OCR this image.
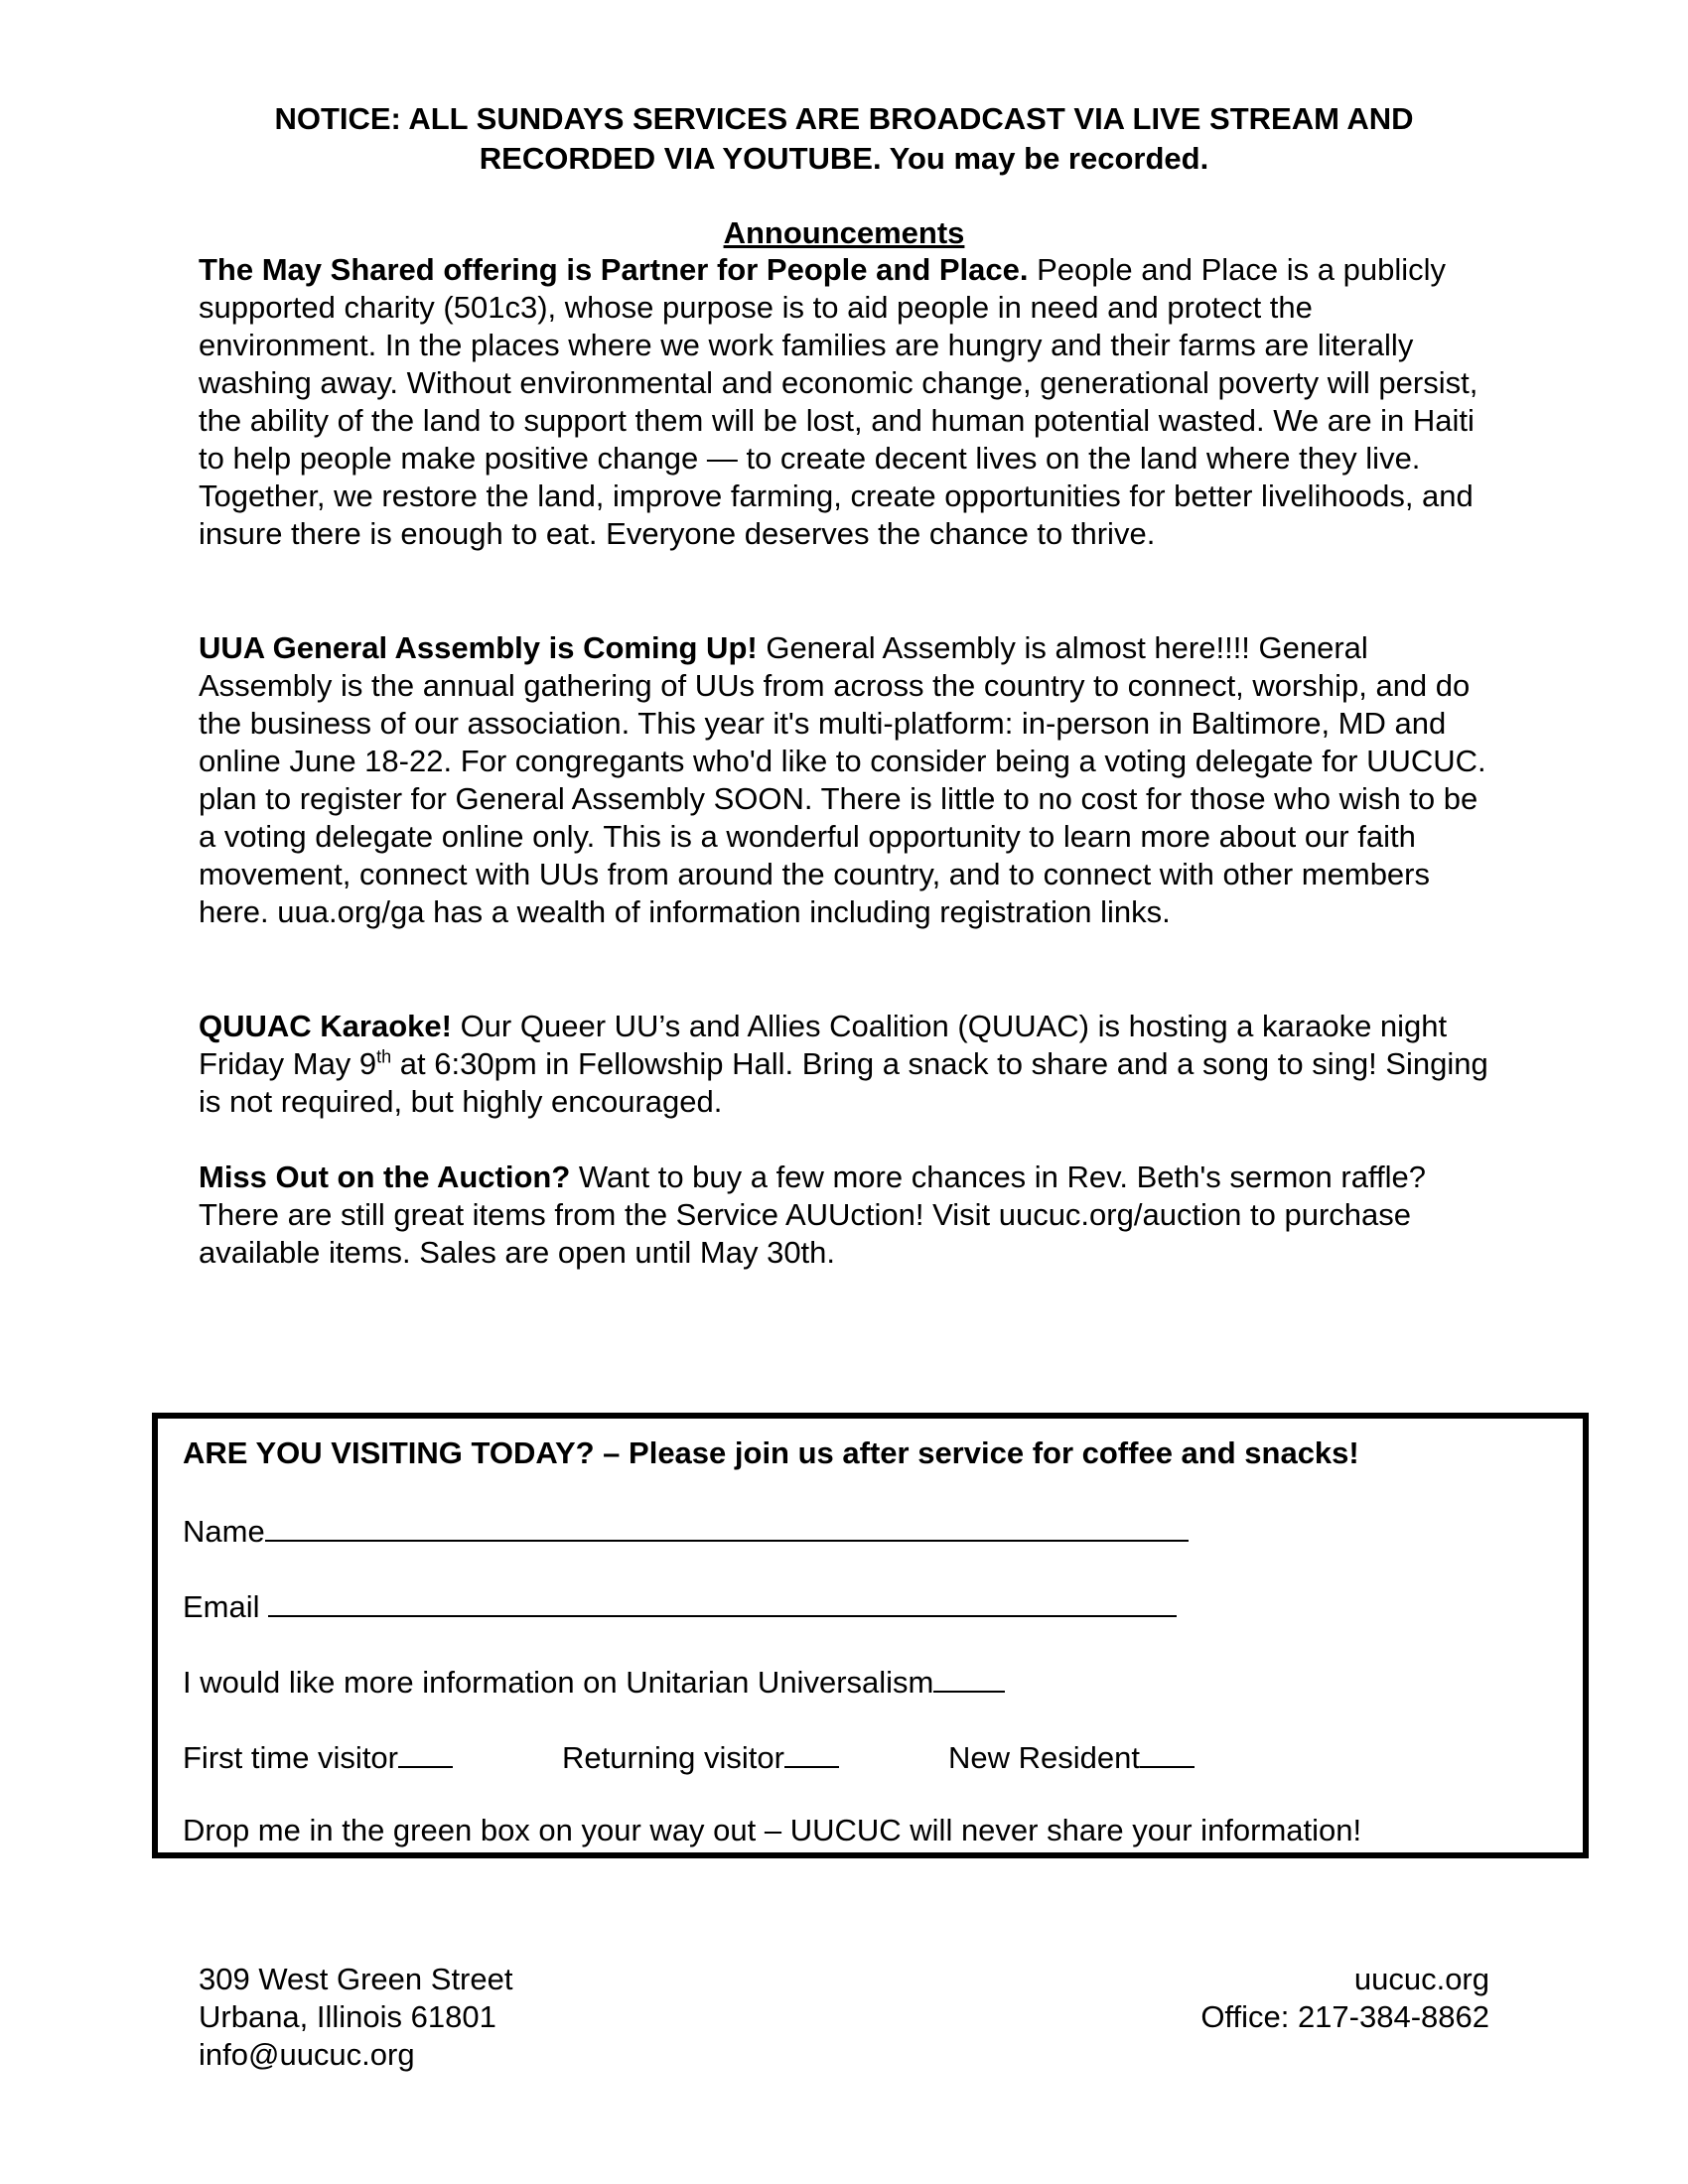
NOTICE: ALL SUNDAYS SERVICES ARE BROADCAST VIA LIVE STREAM AND
RECORDED VIA YOUTUBE. You may be recorded.
Announcements

The May Shared offering is Partner for People and Place. People and Place is a publicly supported charity (501c3), whose purpose is to aid people in need and protect the environment. In the places where we work families are hungry and their farms are literally washing away. Without environmental and economic change, generational poverty will persist, the ability of the land to support them will be lost, and human potential wasted. We are in Haiti to help people make positive change — to create decent lives on the land where they live. Together, we restore the land, improve farming, create opportunities for better livelihoods, and insure there is enough to eat. Everyone deserves the chance to thrive.

UUA General Assembly is Coming Up! General Assembly is almost here!!!! General Assembly is the annual gathering of UUs from across the country to connect, worship, and do the business of our association. This year it's multi-platform: in-person in Baltimore, MD and online June 18-22. For congregants who'd like to consider being a voting delegate for UUCUC. plan to register for General Assembly SOON. There is little to no cost for those who wish to be a voting delegate online only. This is a wonderful opportunity to learn more about our faith movement, connect with UUs from around the country, and to connect with other members here. uua.org/ga has a wealth of information including registration links.

QUUAC Karaoke! Our Queer UU’s and Allies Coalition (QUUAC) is hosting a karaoke night Friday May 9th at 6:30pm in Fellowship Hall. Bring a snack to share and a song to sing! Singing is not required, but highly encouraged.

Miss Out on the Auction? Want to buy a few more chances in Rev. Beth's sermon raffle? There are still great items from the Service AUUction! Visit uucuc.org/auction to purchase available items. Sales are open until May 30th.

ARE YOU VISITING TODAY? – Please join us after service for coffee and snacks!
Name
Email
I would like more information on Unitarian Universalism
First time visitor	Returning visitor	New Resident
Drop me in the green box on your way out – UUCUC will never share your information!
309 West Green Street
Urbana, Illinois 61801
info@uucuc.org
uucuc.org
Office: 217-384-8862
